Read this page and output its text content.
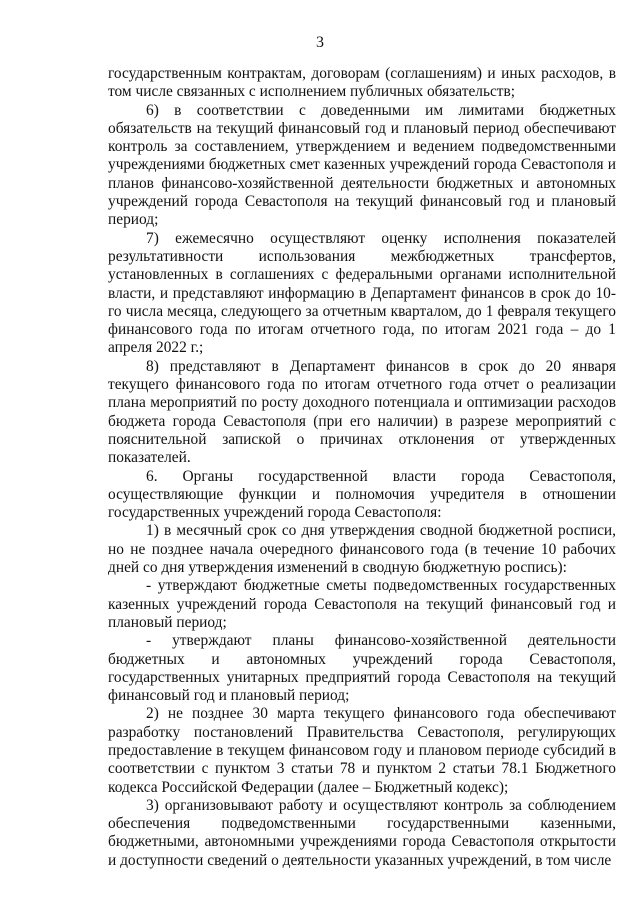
3

государственным контрактам, договорам (соглашениям) и иных расходов, в том числе связанных с исполнением публичных обязательств;

6) в соответствии с доведенными им лимитами бюджетных обязательств на текущий финансовый год и плановый период обеспечивают контроль за составлением, утверждением и ведением подведомственными учреждениями бюджетных смет казенных учреждений города Севастополя и планов финансово-хозяйственной деятельности бюджетных и автономных учреждений города Севастополя на текущий финансовый год и плановый период;

7) ежемесячно осуществляют оценку исполнения показателей результативности использования межбюджетных трансфертов, установленных в соглашениях с федеральными органами исполнительной власти, и представляют информацию в Департамент финансов в срок до 10-го числа месяца, следующего за отчетным кварталом, до 1 февраля текущего финансового года по итогам отчетного года, по итогам 2021 года – до 1 апреля 2022 г.;

8) представляют в Департамент финансов в срок до 20 января текущего финансового года по итогам отчетного года отчет о реализации плана мероприятий по росту доходного потенциала и оптимизации расходов бюджета города Севастополя (при его наличии) в разрезе мероприятий с пояснительной запиской о причинах отклонения от утвержденных показателей.

6. Органы государственной власти города Севастополя, осуществляющие функции и полномочия учредителя в отношении государственных учреждений города Севастополя:

1) в месячный срок со дня утверждения сводной бюджетной росписи, но не позднее начала очередного финансового года (в течение 10 рабочих дней со дня утверждения изменений в сводную бюджетную роспись):

- утверждают бюджетные сметы подведомственных государственных казенных учреждений города Севастополя на текущий финансовый год и плановый период;

- утверждают планы финансово-хозяйственной деятельности бюджетных и автономных учреждений города Севастополя, государственных унитарных предприятий города Севастополя на текущий финансовый год и плановый период;

2) не позднее 30 марта текущего финансового года обеспечивают разработку постановлений Правительства Севастополя, регулирующих предоставление в текущем финансовом году и плановом периоде субсидий в соответствии с пунктом 3 статьи 78 и пунктом 2 статьи 78.1 Бюджетного кодекса Российской Федерации (далее – Бюджетный кодекс);

3) организовывают работу и осуществляют контроль за соблюдением обеспечения подведомственными государственными казенными, бюджетными, автономными учреждениями города Севастополя открытости и доступности сведений о деятельности указанных учреждений, в том числе
